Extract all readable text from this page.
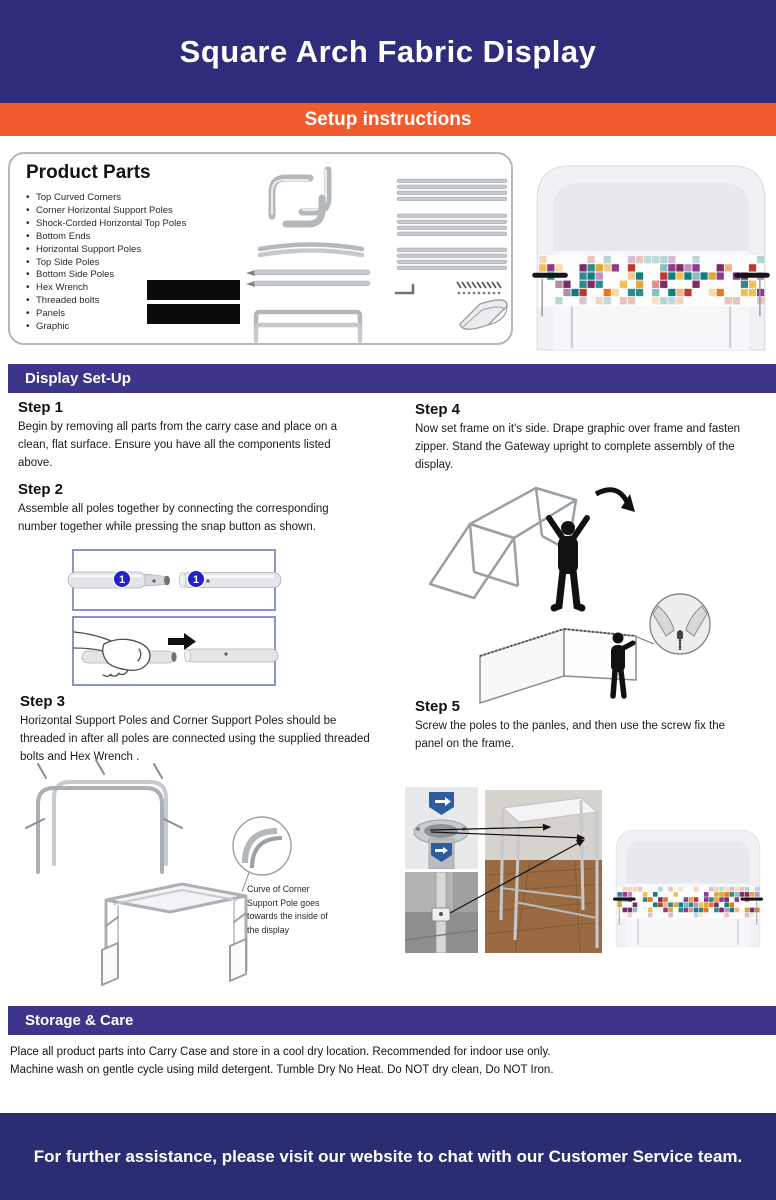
Square Arch Fabric Display
Setup instructions
Product Parts
• Top Curved Corners
• Corner Horizontal Support Poles
• Shock-Corded Horizontal Top Poles
• Bottom Ends
• Horizontal Support Poles
• Top Side Poles
• Bottom Side Poles
• Hex Wrench
• Threaded bolts
• Panels
• Graphic
Display Set-Up
Step 1

Begin by removing all parts from the carry case and place on a clean, flat surface. Ensure you have all the components listed above.

Step 2

Assemble all poles together by connecting the corresponding number together while pressing the snap button as shown.

Step 3

Horizontal Support Poles and Corner Support Poles should be threaded in after all poles are connected using the supplied threaded bolts and Hex Wrench .

Step 4

Now set frame on it's side. Drape graphic over frame and fasten zipper. Stand the Gateway upright to complete assembly of the display.

Step 5

Screw the poles to the panles, and then use the screw fix the panel on the frame.

1	1
Curve of Corner Support Pole goes towards the inside of the display
Storage & Care

Place all product parts into Carry Case and store in a cool dry location. Recommended for indoor use only.
Machine wash on gentle cycle using mild detergent. Tumble Dry No Heat. Do NOT dry clean, Do NOT Iron.

For further assistance, please visit our website to chat with our Customer Service team.
